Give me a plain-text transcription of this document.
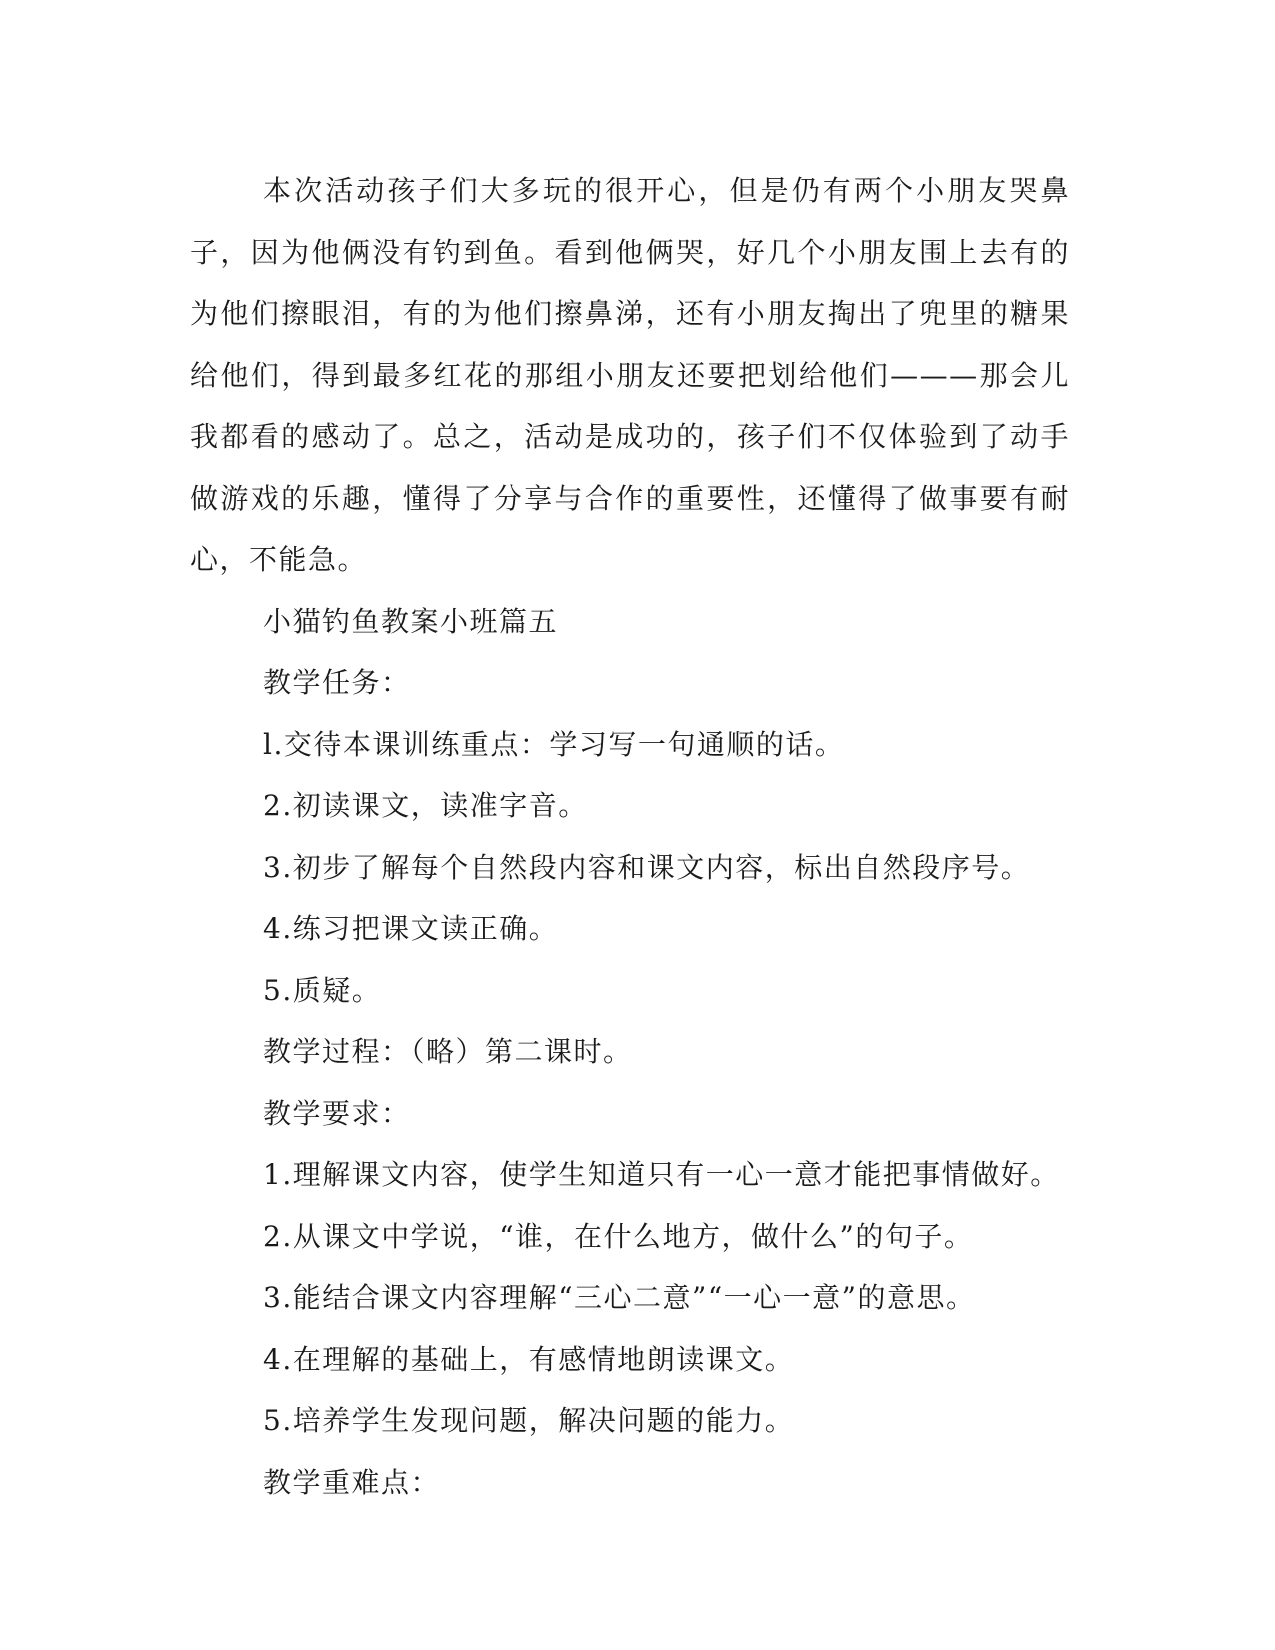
本次活动孩子们大多玩的很开心，但是仍有两个小朋友哭鼻子，因为他俩没有钓到鱼。看到他俩哭，好几个小朋友围上去有的为他们擦眼泪，有的为他们擦鼻涕，还有小朋友掏出了兜里的糖果给他们，得到最多红花的那组小朋友还要把划给他们———那会儿我都看的感动了。总之，活动是成功的，孩子们不仅体验到了动手做游戏的乐趣，懂得了分享与合作的重要性，还懂得了做事要有耐心，不能急。

小猫钓鱼教案小班篇五

教学任务：

l.交待本课训练重点：学习写一句通顺的话。

2.初读课文，读准字音。

3.初步了解每个自然段内容和课文内容，标出自然段序号。

4.练习把课文读正确。

5.质疑。

教学过程：（略）第二课时。

教学要求：

1.理解课文内容，使学生知道只有一心一意才能把事情做好。

2.从课文中学说，“谁，在什么地方，做什么”的句子。

3.能结合课文内容理解“三心二意”“一心一意”的意思。

4.在理解的基础上，有感情地朗读课文。

5.培养学生发现问题，解决问题的能力。

教学重难点：
